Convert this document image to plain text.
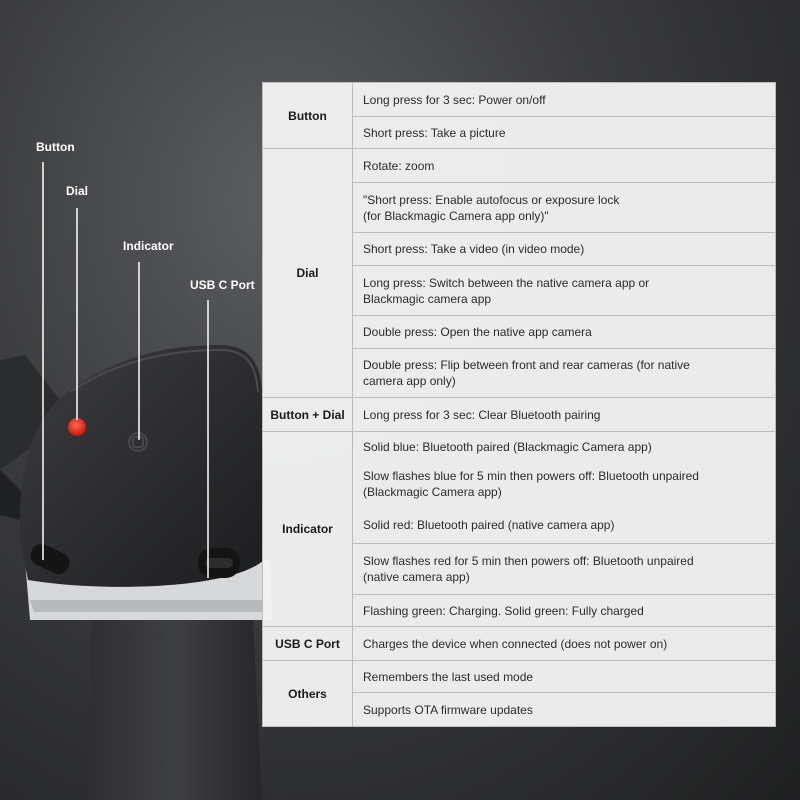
Button
Dial
Indicator
USB C Port
Button	Long press for 3 sec: Power on/off

	Short press: Take a picture

Dial	Rotate: zoom

	"Short press: Enable autofocus or exposure lock
(for Blackmagic Camera app only)"

	Short press: Take a video (in video mode)

	Long press: Switch between the native camera app or
Blackmagic camera app

	Double press: Open the native app camera

	Double press: Flip between front and rear cameras (for native
camera app only)

Button + Dial	Long press for 3 sec: Clear Bluetooth pairing

Indicator	Solid blue: Bluetooth paired (Blackmagic Camera app)

	Slow flashes blue for 5 min then powers off: Bluetooth unpaired
(Blackmagic Camera app)

	Solid red: Bluetooth paired (native camera app)

	Slow flashes red for 5 min then powers off: Bluetooth unpaired
(native camera app)

	Flashing green: Charging. Solid green: Fully charged

USB C Port	Charges the device when connected (does not power on)

Others	Remembers the last used mode

	Supports OTA firmware updates
